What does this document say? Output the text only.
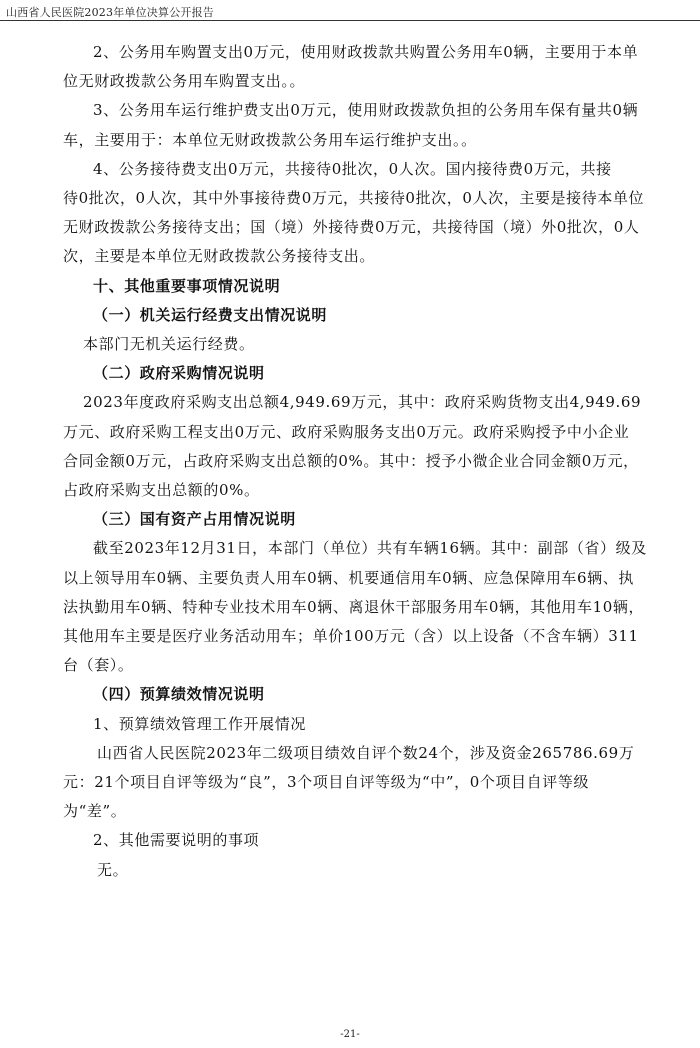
山西省人民医院2023年单位决算公开报告

2、公务用车购置支出0万元，使用财政拨款共购置公务用车0辆，主要用于本单

位无财政拨款公务用车购置支出。。

3、公务用车运行维护费支出0万元，使用财政拨款负担的公务用车保有量共0辆

车，主要用于：本单位无财政拨款公务用车运行维护支出。。

4、公务接待费支出0万元，共接待0批次，0人次。国内接待费0万元，共接

待0批次，0人次，其中外事接待费0万元，共接待0批次，0人次，主要是接待本单位

无财政拨款公务接待支出；国（境）外接待费0万元，共接待国（境）外0批次，0人

次，主要是本单位无财政拨款公务接待支出。

十、其他重要事项情况说明

（一）机关运行经费支出情况说明

本部门无机关运行经费。

（二）政府采购情况说明

2023年度政府采购支出总额4,949.69万元，其中：政府采购货物支出4,949.69

万元、政府采购工程支出0万元、政府采购服务支出0万元。政府采购授予中小企业

合同金额0万元，占政府采购支出总额的0%。其中：授予小微企业合同金额0万元，

占政府采购支出总额的0%。

（三）国有资产占用情况说明

截至2023年12月31日，本部门（单位）共有车辆16辆。其中：副部（省）级及

以上领导用车0辆、主要负责人用车0辆、机要通信用车0辆、应急保障用车6辆、执

法执勤用车0辆、特种专业技术用车0辆、离退休干部服务用车0辆，其他用车10辆，

其他用车主要是医疗业务活动用车；单价100万元（含）以上设备（不含车辆）311

台（套）。

（四）预算绩效情况说明

1、预算绩效管理工作开展情况

山西省人民医院2023年二级项目绩效自评个数24个，涉及资金265786.69万

元：21个项目自评等级为“良”，3个项目自评等级为“中”，0个项目自评等级

为“差”。

2、其他需要说明的事项

无。

-21-
